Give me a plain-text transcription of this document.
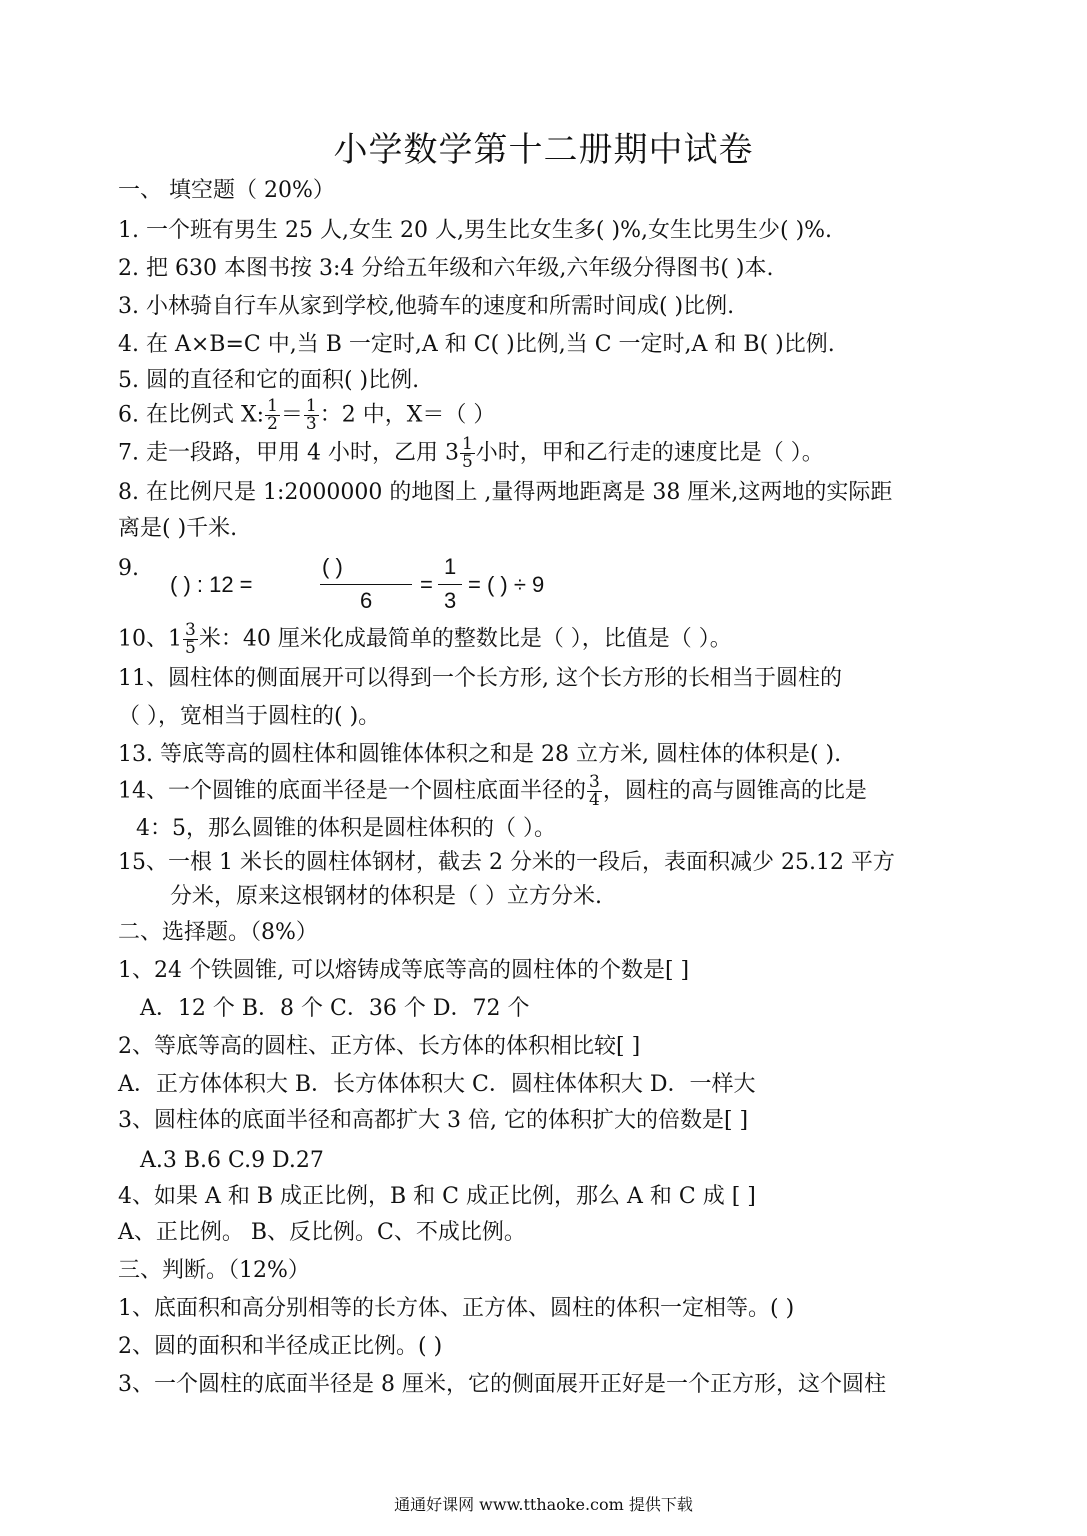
小学数学第十二册期中试卷
一、 填空题（ 20%）
1. 一个班有男生 25 人,女生 20 人,男生比女生多( )%,女生比男生少( )%.
2. 把 630 本图书按 3:4 分给五年级和六年级,六年级分得图书( )本.
3. 小林骑自行车从家到学校,他骑车的速度和所需时间成( )比例.
4. 在 A×B=C 中,当 B 一定时,A 和 C( )比例,当 C 一定时,A 和 B( )比例.
5. 圆的直径和它的面积( )比例.
6. 在比例式 X: $\frac{1}{2} = \frac{1}{3}$ ：2 中，X＝（ ）
7. 走一段路，甲用 4 小时，乙用 $3 \frac{1}{5}$ 小时，甲和乙行走的速度比是（ ）。
8. 在比例尺是 1:2000000 的地图上 ,量得两地距离是 38 厘米,这两地的实际距
离是( )千米.
9.
( ) : 12 =
( )
6
=
1
3
= ( ) ÷ 9
10、$1 \frac{3}{5}$ 米：40 厘米化成最简单的整数比是（ ），比值是（ ）。
11、圆柱体的侧面展开可以得到一个长方形, 这个长方形的长相当于圆柱的
（ ），宽相当于圆柱的( )。
13. 等底等高的圆柱体和圆锥体体积之和是 28 立方米, 圆柱体的体积是( ).
14、一个圆锥的底面半径是一个圆柱底面半径的 $\frac{3}{4}$ ，圆柱的高与圆锥高的比是
4：5，那么圆锥的体积是圆柱体积的（ ）。
15、一根 1 米长的圆柱体钢材，截去 2 分米的一段后，表面积减少 25.12 平方
分米，原来这根钢材的体积是（ ）立方分米.
二、选择题。（8%）
1、24 个铁圆锥, 可以熔铸成等底等高的圆柱体的个数是[ ]
A．12 个 B．8 个 C．36 个 D．72 个
2、等底等高的圆柱、正方体、长方体的体积相比较[ ]
A．正方体体积大 B．长方体体积大 C．圆柱体体积大 D．一样大
3、圆柱体的底面半径和高都扩大 3 倍, 它的体积扩大的倍数是[ ]
A.3 B.6 C.9 D.27
4、如果 A 和 B 成正比例，B 和 C 成正比例，那么 A 和 C 成 [ ]
A、正比例。 B、反比例。C、不成比例。
三、判断。（12%）
1、底面积和高分别相等的长方体、正方体、圆柱的体积一定相等。( )
2、圆的面积和半径成正比例。( )
3、一个圆柱的底面半径是 8 厘米，它的侧面展开正好是一个正方形，这个圆柱
通通好课网 www.tthaoke.com 提供下载
